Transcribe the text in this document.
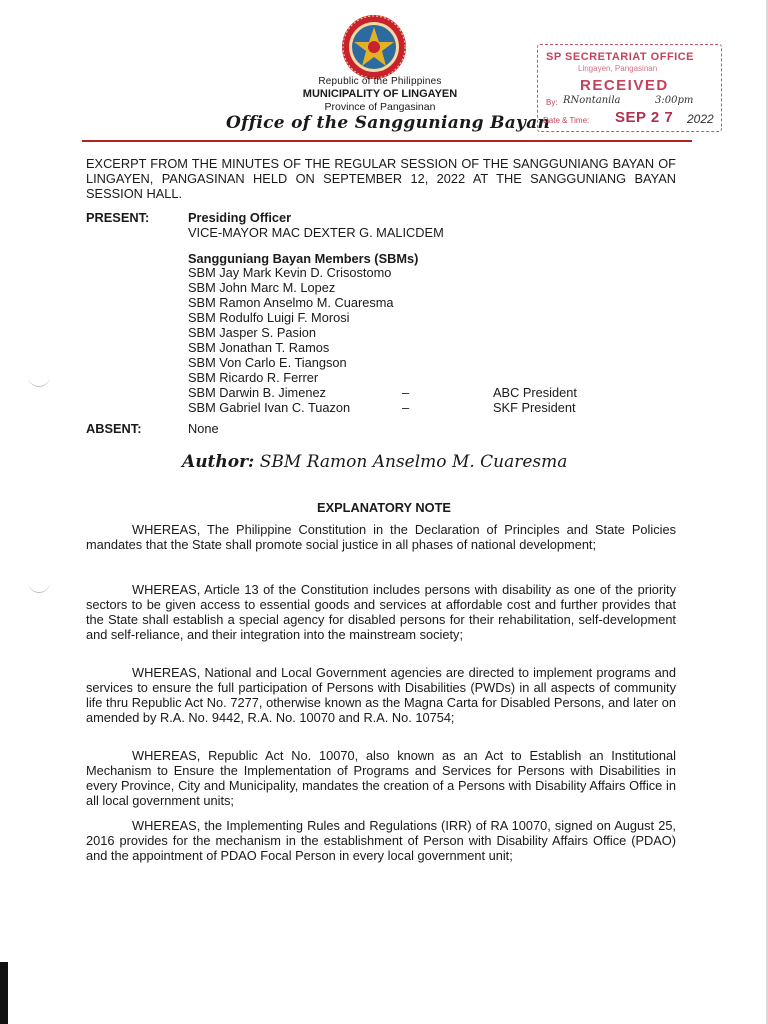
Republic of the Philippines
MUNICIPALITY OF LINGAYEN
Province of Pangasinan
Office of the Sangguniang Bayan
SP SECRETARIAT OFFICE
Lingayen, Pangasinan
RECEIVED
By: RNontanila	3:00pm
Date & Time: SEP 2 7 2022
EXCERPT FROM THE MINUTES OF THE REGULAR SESSION OF THE SANGGUNIANG BAYAN OF LINGAYEN, PANGASINAN HELD ON SEPTEMBER 12, 2022 AT THE SANGGUNIANG BAYAN SESSION HALL.
PRESENT:	Presiding Officer
VICE-MAYOR MAC DEXTER G. MALICDEM
Sangguniang Bayan Members (SBMs)
SBM Jay Mark Kevin D. Crisostomo
SBM John Marc M. Lopez
SBM Ramon Anselmo M. Cuaresma
SBM Rodulfo Luigi F. Morosi
SBM Jasper S. Pasion
SBM Jonathan T. Ramos
SBM Von Carlo E. Tiangson
SBM Ricardo R. Ferrer
SBM Darwin B. Jimenez	–	ABC President
SBM Gabriel Ivan C. Tuazon	–	SKF President
ABSENT:	None
Author: SBM Ramon Anselmo M. Cuaresma
EXPLANATORY NOTE
WHEREAS, The Philippine Constitution in the Declaration of Principles and State Policies mandates that the State shall promote social justice in all phases of national development;
WHEREAS, Article 13 of the Constitution includes persons with disability as one of the priority sectors to be given access to essential goods and services at affordable cost and further provides that the State shall establish a special agency for disabled persons for their rehabilitation, self-development and self-reliance, and their integration into the mainstream society;
WHEREAS, National and Local Government agencies are directed to implement programs and services to ensure the full participation of Persons with Disabilities (PWDs) in all aspects of community life thru Republic Act No. 7277, otherwise known as the Magna Carta for Disabled Persons, and later on amended by R.A. No. 9442, R.A. No. 10070 and R.A. No. 10754;
WHEREAS, Republic Act No. 10070, also known as an Act to Establish an Institutional Mechanism to Ensure the Implementation of Programs and Services for Persons with Disabilities in every Province, City and Municipality, mandates the creation of a Persons with Disability Affairs Office in all local government units;
WHEREAS, the Implementing Rules and Regulations (IRR) of RA 10070, signed on August 25, 2016 provides for the mechanism in the establishment of Person with Disability Affairs Office (PDAO) and the appointment of PDAO Focal Person in every local government unit;
